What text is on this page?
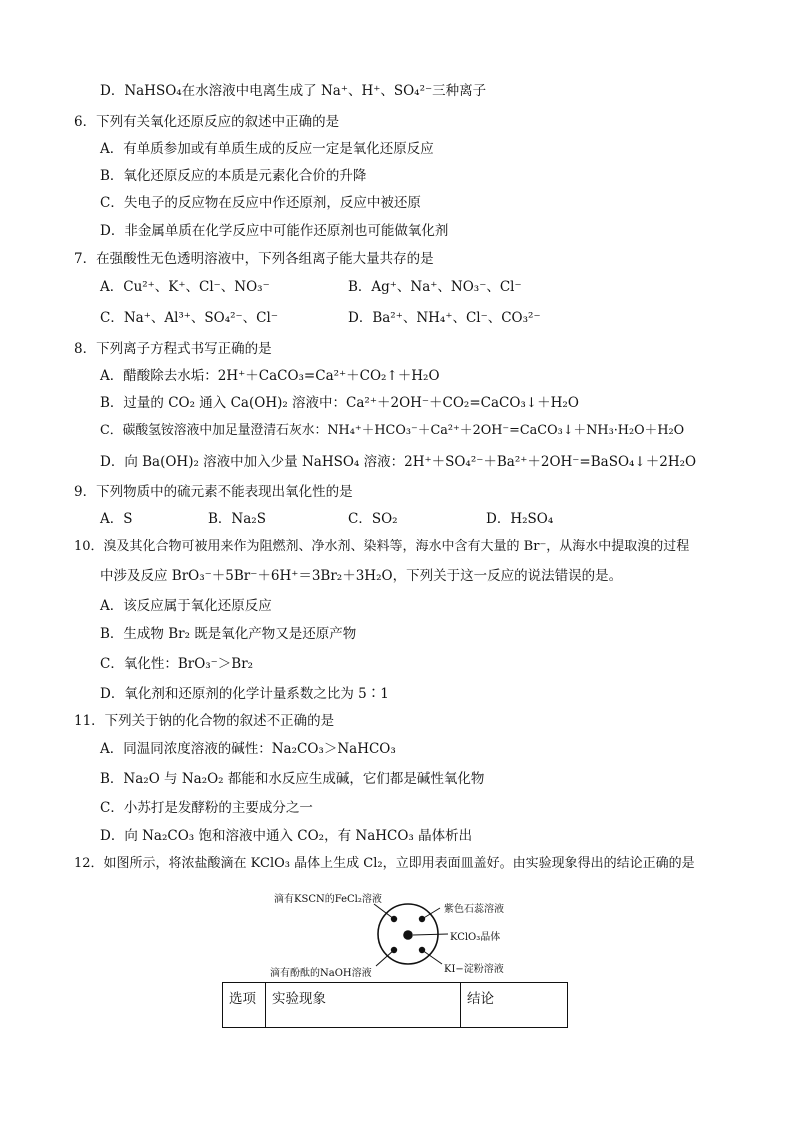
D．NaHSO₄在水溶液中电离生成了 Na⁺、H⁺、SO₄²⁻三种离子
6．下列有关氧化还原反应的叙述中正确的是
A．有单质参加或有单质生成的反应一定是氧化还原反应
B．氧化还原反应的本质是元素化合价的升降
C．失电子的反应物在反应中作还原剂，反应中被还原
D．非金属单质在化学反应中可能作还原剂也可能做氧化剂
7．在强酸性无色透明溶液中，下列各组离子能大量共存的是
A．Cu²⁺、K⁺、Cl⁻、NO₃⁻	B．Ag⁺、Na⁺、NO₃⁻、Cl⁻
C．Na⁺、Al³⁺、SO₄²⁻、Cl⁻	D．Ba²⁺、NH₄⁺、Cl⁻、CO₃²⁻
8．下列离子方程式书写正确的是
A．醋酸除去水垢：2H⁺＋CaCO₃=Ca²⁺＋CO₂↑＋H₂O
B．过量的 CO₂ 通入 Ca(OH)₂ 溶液中：Ca²⁺＋2OH⁻＋CO₂=CaCO₃↓＋H₂O
C．碳酸氢铵溶液中加足量澄清石灰水：NH₄⁺＋HCO₃⁻＋Ca²⁺＋2OH⁻=CaCO₃↓＋NH₃·H₂O＋H₂O
D．向 Ba(OH)₂ 溶液中加入少量 NaHSO₄ 溶液：2H⁺＋SO₄²⁻＋Ba²⁺＋2OH⁻=BaSO₄↓＋2H₂O
9．下列物质中的硫元素不能表现出氧化性的是
A．S	B．Na₂S	C．SO₂	D．H₂SO₄
10．溴及其化合物可被用来作为阻燃剂、净水剂、染料等，海水中含有大量的 Br⁻，从海水中提取溴的过程
中涉及反应 BrO₃⁻＋5Br⁻＋6H⁺＝3Br₂＋3H₂O，下列关于这一反应的说法错误的是。
A．该反应属于氧化还原反应
B．生成物 Br₂ 既是氧化产物又是还原产物
C．氧化性：BrO₃⁻＞Br₂
D．氧化剂和还原剂的化学计量系数之比为 5∶1
11．下列关于钠的化合物的叙述不正确的是
A．同温同浓度溶液的碱性：Na₂CO₃＞NaHCO₃
B．Na₂O 与 Na₂O₂ 都能和水反应生成碱，它们都是碱性氧化物
C．小苏打是发酵粉的主要成分之一
D．向 Na₂CO₃ 饱和溶液中通入 CO₂，有 NaHCO₃ 晶体析出
12．如图所示，将浓盐酸滴在 KClO₃ 晶体上生成 Cl₂，立即用表面皿盖好。由实验现象得出的结论正确的是
滴有KSCN的FeCl₂溶液
紫色石蕊溶液
KClO₃晶体
KI−淀粉溶液
滴有酚酞的NaOH溶液
选项	实验现象	结论
